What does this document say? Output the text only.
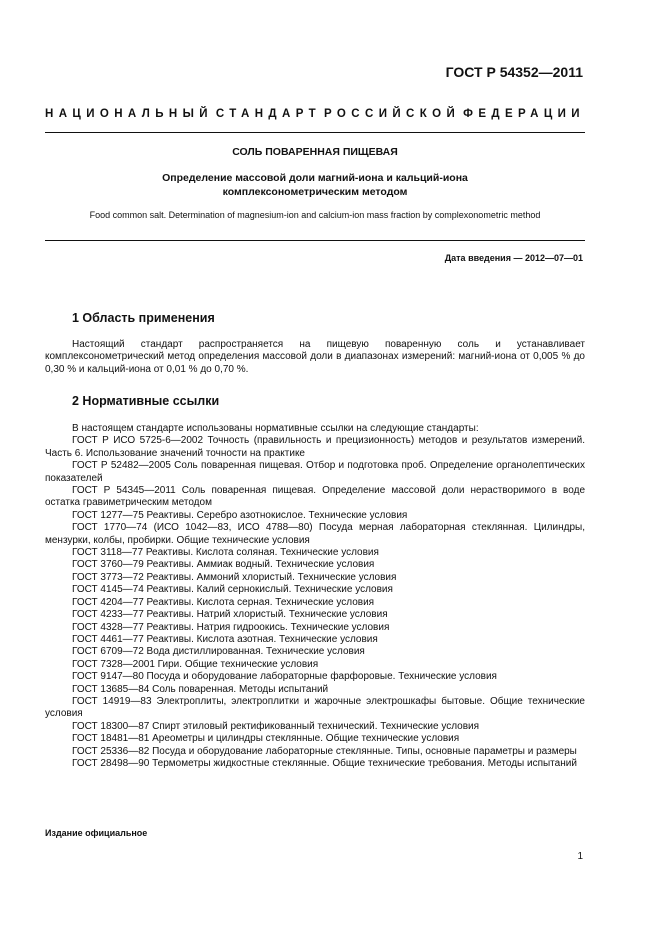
ГОСТ Р 54352—2011
НАЦИОНАЛЬНЫЙ СТАНДАРТ РОССИЙСКОЙ ФЕДЕРАЦИИ
СОЛЬ ПОВАРЕННАЯ ПИЩЕВАЯ
Определение массовой доли магний-иона и кальций-иона
комплексонометрическим методом
Food common salt. Determination of magnesium-ion and calcium-ion mass fraction by complexonometric method
Дата введения — 2012—07—01
1 Область применения

Настоящий стандарт распространяется на пищевую поваренную соль и устанавливает комплексонометрический метод определения массовой доли в диапазонах измерений: магний-иона от 0,005 % до 0,30 % и кальций-иона от 0,01 % до 0,70 %.

2 Нормативные ссылки

В настоящем стандарте использованы нормативные ссылки на следующие стандарты:

ГОСТ Р ИСО 5725-6—2002 Точность (правильность и прецизионность) методов и результатов измерений. Часть 6. Использование значений точности на практике

ГОСТ Р 52482—2005 Соль поваренная пищевая. Отбор и подготовка проб. Определение органолептических показателей

ГОСТ Р 54345—2011 Соль поваренная пищевая. Определение массовой доли нерастворимого в воде остатка гравиметрическим методом

ГОСТ 1277—75 Реактивы. Серебро азотнокислое. Технические условия

ГОСТ 1770—74 (ИСО 1042—83, ИСО 4788—80) Посуда мерная лабораторная стеклянная. Цилиндры, мензурки, колбы, пробирки. Общие технические условия

ГОСТ 3118—77 Реактивы. Кислота соляная. Технические условия

ГОСТ 3760—79 Реактивы. Аммиак водный. Технические условия

ГОСТ 3773—72 Реактивы. Аммоний хлористый. Технические условия

ГОСТ 4145—74 Реактивы. Калий сернокислый. Технические условия

ГОСТ 4204—77 Реактивы. Кислота серная. Технические условия

ГОСТ 4233—77 Реактивы. Натрий хлористый. Технические условия

ГОСТ 4328—77 Реактивы. Натрия гидроокись. Технические условия

ГОСТ 4461—77 Реактивы. Кислота азотная. Технические условия

ГОСТ 6709—72 Вода дистиллированная. Технические условия

ГОСТ 7328—2001 Гири. Общие технические условия

ГОСТ 9147—80 Посуда и оборудование лабораторные фарфоровые. Технические условия

ГОСТ 13685—84 Соль поваренная. Методы испытаний

ГОСТ 14919—83 Электроплиты, электроплитки и жарочные электрошкафы бытовые. Общие технические условия

ГОСТ 18300—87 Спирт этиловый ректификованный технический. Технические условия

ГОСТ 18481—81 Ареометры и цилиндры стеклянные. Общие технические условия

ГОСТ 25336—82 Посуда и оборудование лабораторные стеклянные. Типы, основные параметры и размеры

ГОСТ 28498—90 Термометры жидкостные стеклянные. Общие технические требования. Методы испытаний

Издание официальное
1
